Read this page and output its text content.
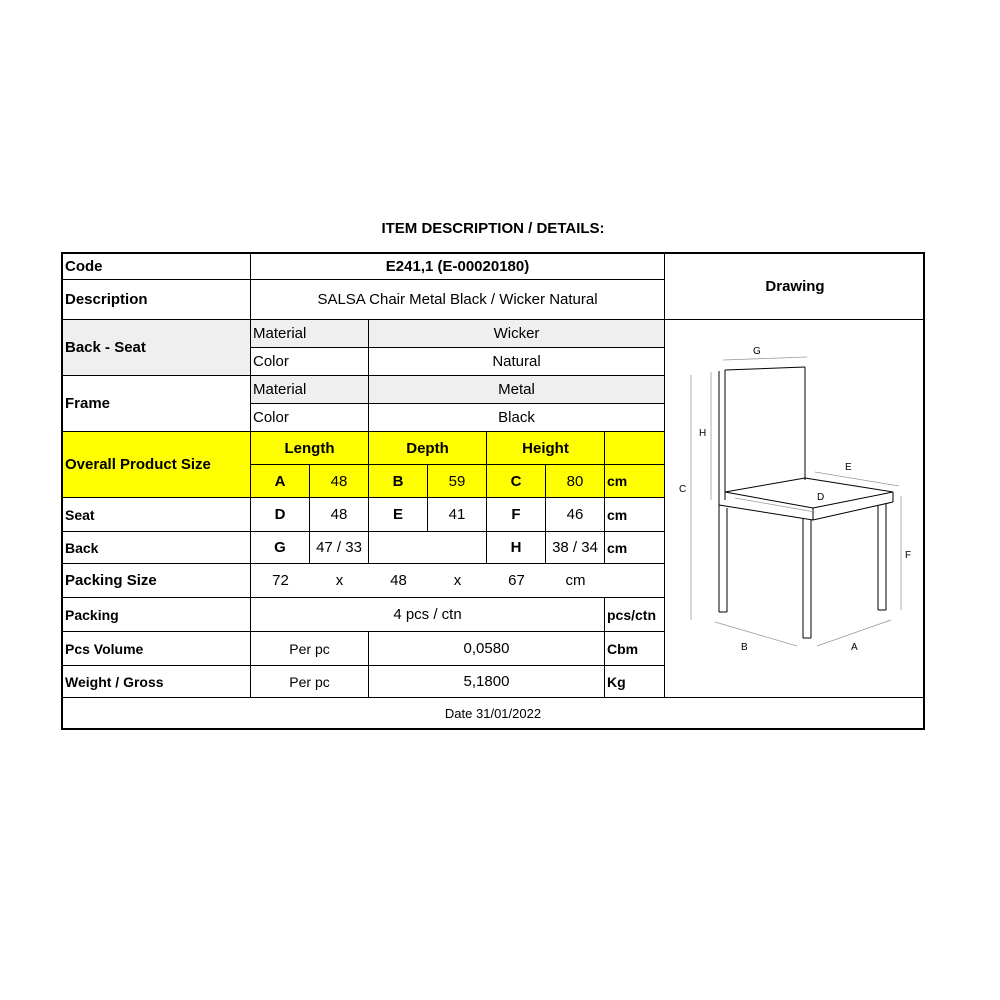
ITEM DESCRIPTION / DETAILS:
Code	E241,1 (E-00020180)
Description	SALSA Chair Metal Black / Wicker Natural
Drawing
Back - Seat
Material	Wicker
Color	Natural
Frame
Material	Metal
Color	Black
Overall Product Size
Length	Depth	Height
A	48	B	59	C	80	cm
Seat	D	48	E	41	F	46	cm
Back	G	47 / 33	H	38 / 34 cm
Packing Size	72	x	48	x	67	cm
Packing	4 pcs / ctn	pcs/ctn
Pcs Volume	Per pc	0,0580	Cbm
Weight / Gross	Per pc	5,1800	Kg
G
H
C
E
D
F
B	A
Date 31/01/2022
